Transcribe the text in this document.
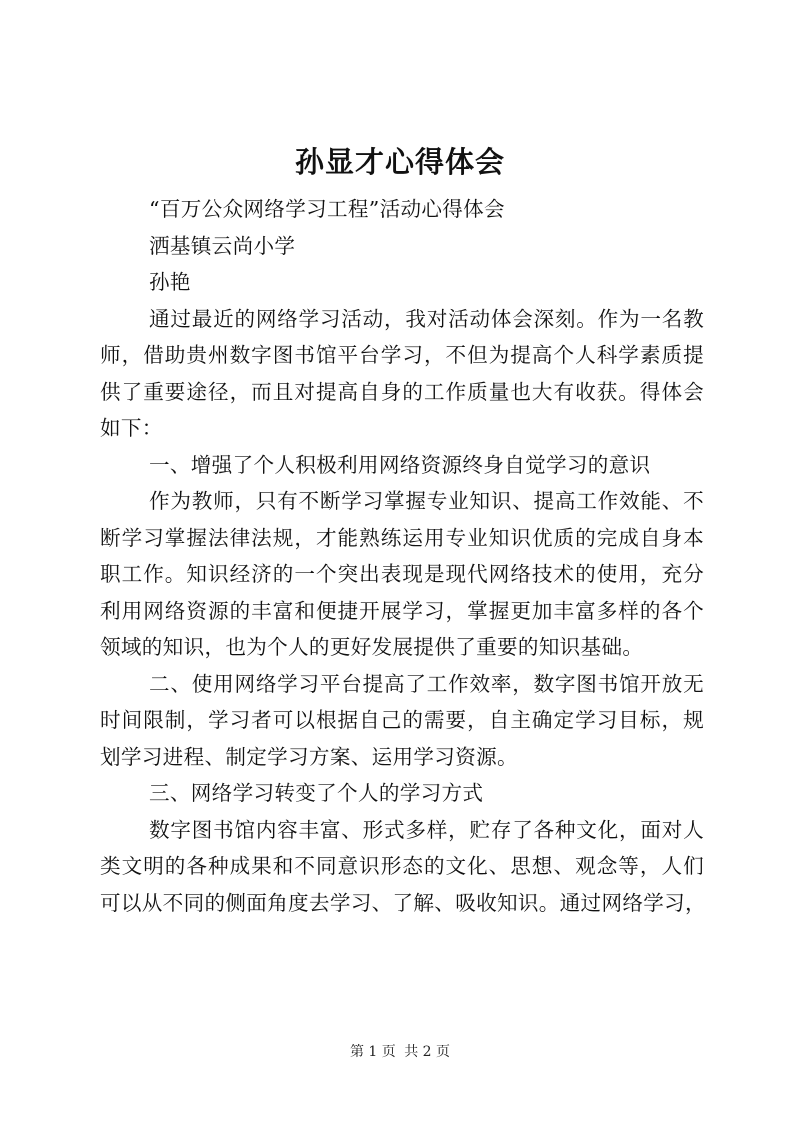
孙显才心得体会

“百万公众网络学习工程”活动心得体会

洒基镇云尚小学

孙艳

通过最近的网络学习活动，我对活动体会深刻。作为一名教

师，借助贵州数字图书馆平台学习，不但为提高个人科学素质提

供了重要途径，而且对提高自身的工作质量也大有收获。得体会

如下：

一、增强了个人积极利用网络资源终身自觉学习的意识

作为教师，只有不断学习掌握专业知识、提高工作效能、不

断学习掌握法律法规，才能熟练运用专业知识优质的完成自身本

职工作。知识经济的一个突出表现是现代网络技术的使用，充分

利用网络资源的丰富和便捷开展学习，掌握更加丰富多样的各个

领域的知识，也为个人的更好发展提供了重要的知识基础。

二、使用网络学习平台提高了工作效率，数字图书馆开放无

时间限制，学习者可以根据自己的需要，自主确定学习目标，规

划学习进程、制定学习方案、运用学习资源。

三、网络学习转变了个人的学习方式

数字图书馆内容丰富、形式多样，贮存了各种文化，面对人

类文明的各种成果和不同意识形态的文化、思想、观念等，人们

可以从不同的侧面角度去学习、了解、吸收知识。通过网络学习，

第 1 页 共 2 页
